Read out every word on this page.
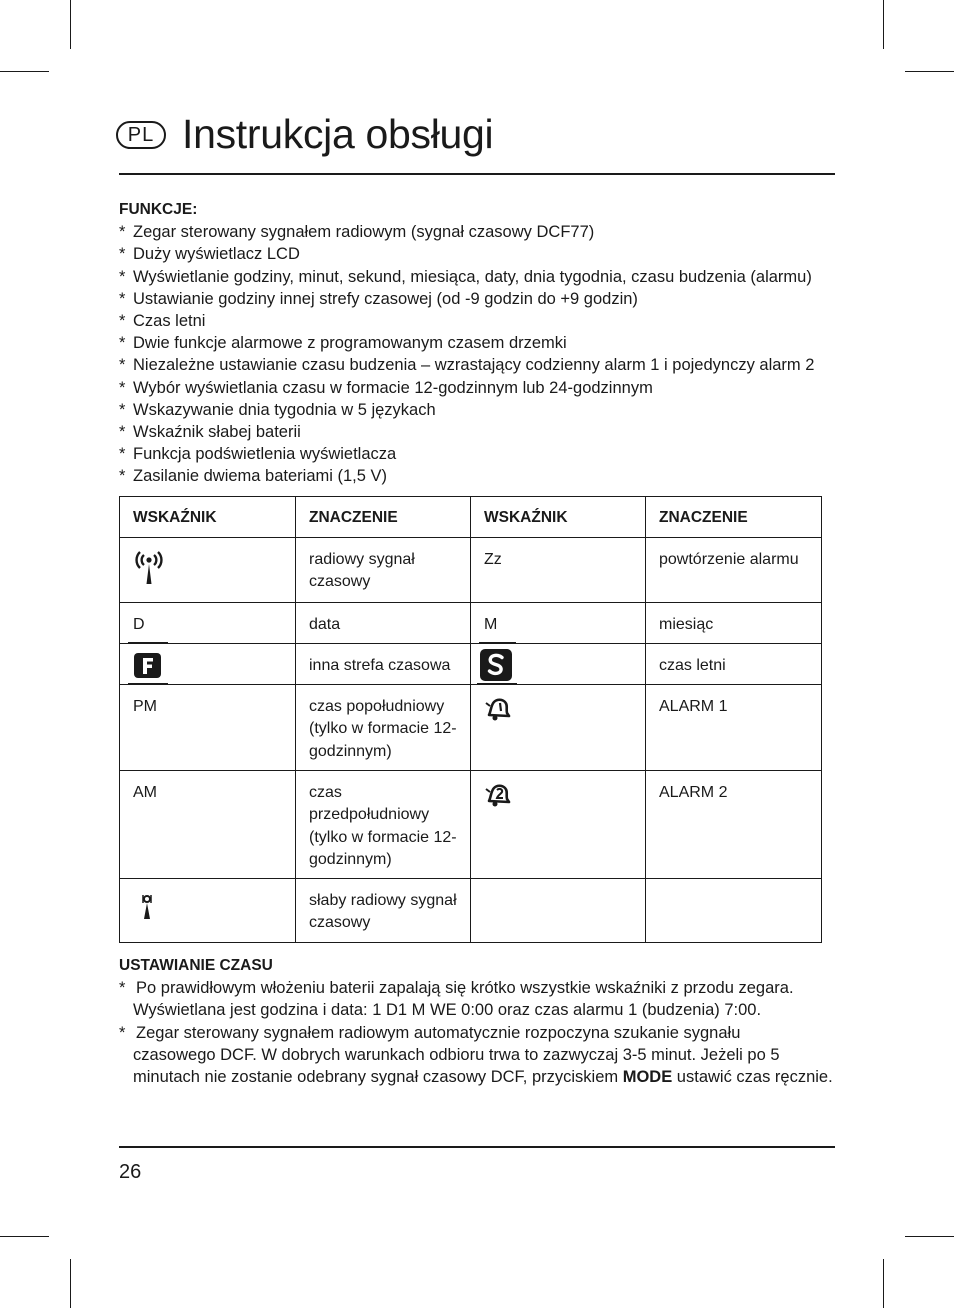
PL Instrukcja obsługi
FUNKCJE:
* Zegar sterowany sygnałem radiowym (sygnał czasowy DCF77)
* Duży wyświetlacz LCD
* Wyświetlanie godziny, minut, sekund, miesiąca, daty, dnia tygodnia, czasu budzenia (alarmu)
* Ustawianie godziny innej strefy czasowej (od -9 godzin do +9 godzin)
* Czas letni
* Dwie funkcje alarmowe z programowanym czasem drzemki
* Niezależne ustawianie czasu budzenia – wzrastający codzienny alarm 1 i pojedynczy alarm 2
* Wybór wyświetlania czasu w formacie 12-godzinnym lub 24-godzinnym
* Wskazywanie dnia tygodnia w 5 językach
* Wskaźnik słabej baterii
* Funkcja podświetlenia wyświetlacza
* Zasilanie dwiema bateriami (1,5 V)
WSKAŹNIK	ZNACZENIE	WSKAŹNIK	ZNACZENIE

	radiowy sygnał czasowy	Zz	powtórzenie alarmu
D	data	M	miesiąc

	inna strefa czasowa		czas letni
PM	czas popołudniowy (tylko w formacie 12-godzinnym)		ALARM 1
AM	czas przedpołudniowy (tylko w formacie 12-godzinnym)		ALARM 2

	słaby radiowy sygnał czasowy		
USTAWIANIE CZASU
* Po prawidłowym włożeniu baterii zapalają się krótko wszystkie wskaźniki z przodu zegara.
Wyświetlana jest godzina i data: 1 D1 M WE 0:00 oraz czas alarmu 1 (budzenia) 7:00.
* Zegar sterowany sygnałem radiowym automatycznie rozpoczyna szukanie sygnału
czasowego DCF. W dobrych warunkach odbioru trwa to zazwyczaj 3-5 minut. Jeżeli po 5
minutach nie zostanie odebrany sygnał czasowy DCF, przyciskiem MODE ustawić czas ręcznie.
26
